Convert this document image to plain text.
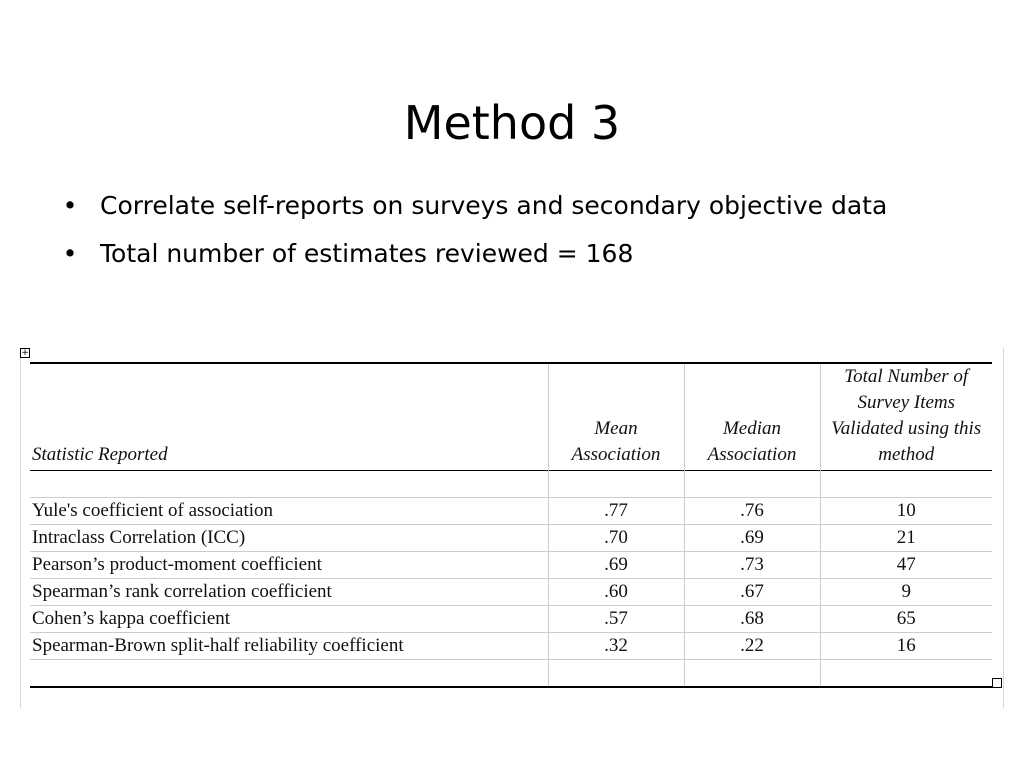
Method 3
• Correlate self-reports on surveys and secondary objective data
• Total number of estimates reviewed = 168
+
Statistic Reported	Mean Association	Median Association	Total Number of Survey Items Validated using this method

Yule's coefficient of association	.77	.76	10
Intraclass Correlation (ICC)	.70	.69	21
Pearson’s product-moment coefficient	.69	.73	47
Spearman’s rank correlation coefficient	.60	.67	9
Cohen’s kappa coefficient	.57	.68	65
Spearman-Brown split-half reliability coefficient	.32	.22	16
